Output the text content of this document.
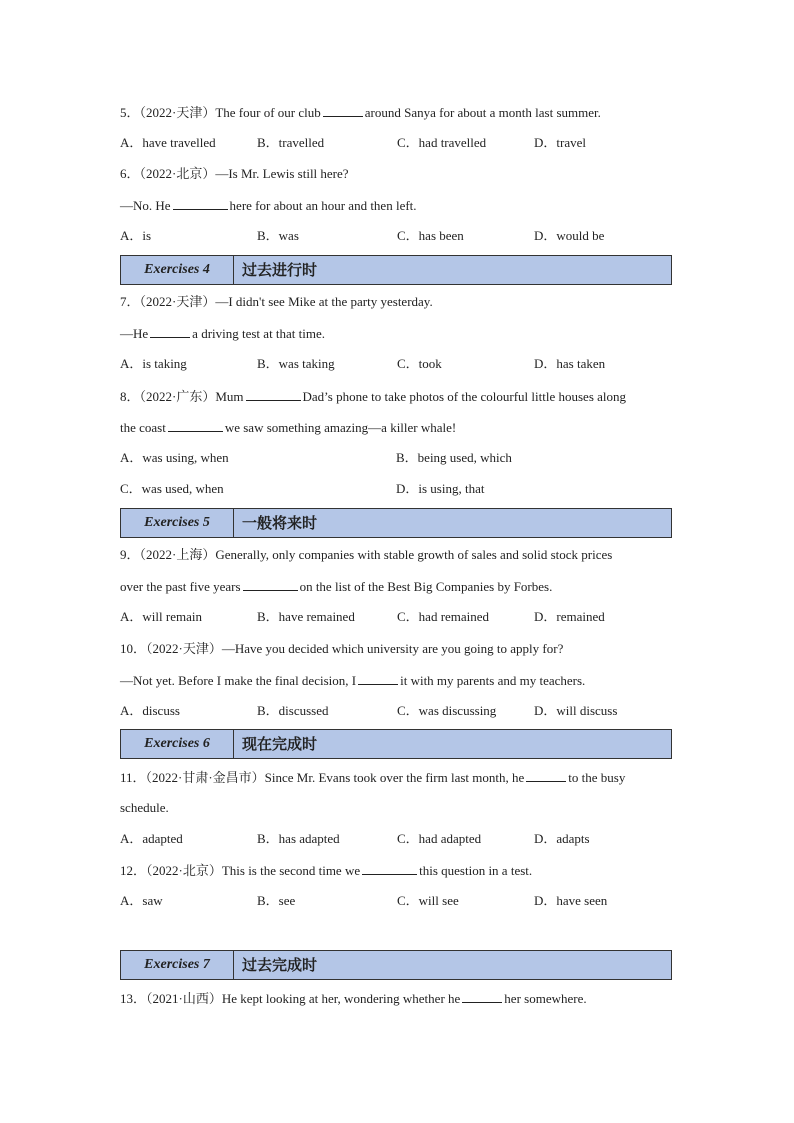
5．（2022·天津）The four of our club	around Sanya for about a month last summer.
A．have travelled	B．travelled	C．had travelled	D．travel
6．（2022·北京）—Is Mr. Lewis still here?
—No. He	here for about an hour and then left.
A．is	B．was	C．has been	D．would be
Exercises 4	过去进行时
7．（2022·天津）—I didn't see Mike at the party yesterday.
—He	a driving test at that time.
A．is taking	B．was taking	C．took	D．has taken
8．（2022·广东）Mum	Dad’s phone to take photos of the colourful little houses along
the coast	we saw something amazing—a killer whale!
A．was using, when	B．being used, which
C．was used, when	D．is using, that
Exercises 5	一般将来时
9．（2022·上海）Generally, only companies with stable growth of sales and solid stock prices
over the past five years	on the list of the Best Big Companies by Forbes.
A．will remain	B．have remained	C．had remained	D．remained
10．（2022·天津）—Have you decided which university are you going to apply for?
—Not yet. Before I make the final decision, I	it with my parents and my teachers.
A．discuss	B．discussed	C．was discussing	D．will discuss
Exercises 6	现在完成时
11．（2022·甘肃·金昌市）Since Mr. Evans took over the firm last month, he	to the busy
schedule.
A．adapted	B．has adapted	C．had adapted	D．adapts
12．（2022·北京）This is the second time we	this question in a test.
A．saw	B．see	C．will see	D．have seen
Exercises 7	过去完成时
13．（2021·山西）He kept looking at her, wondering whether he	her somewhere.
